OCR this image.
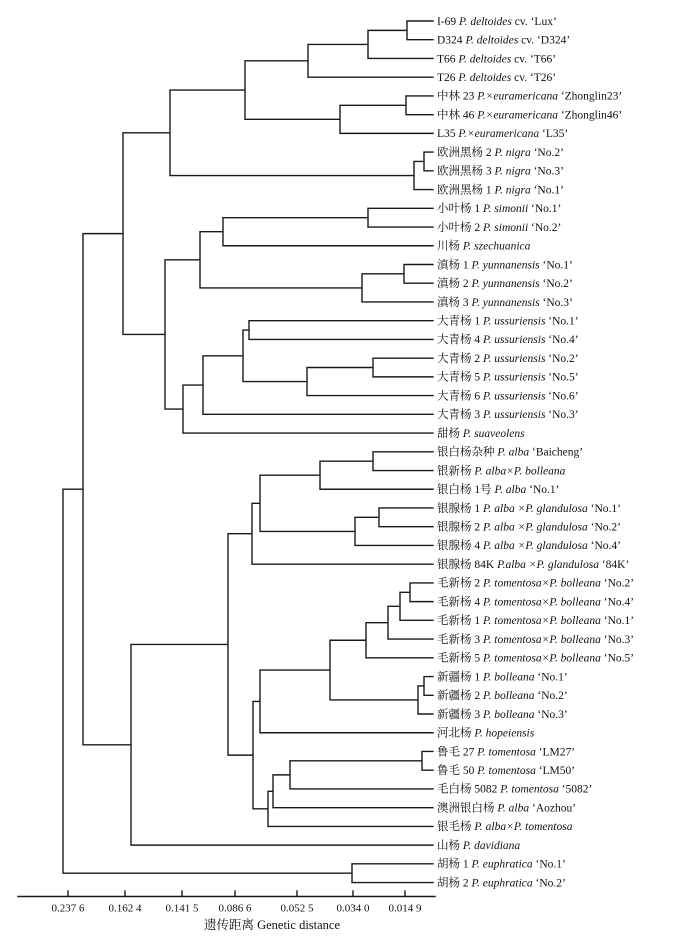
I-69 P. deltoides cv. ‘Lux’
D324 P. deltoides cv. ‘D324’
T66 P. deltoides cv. ‘T66’
T26 P. deltoides cv. ‘T26’
中林 23 P.×euramericana ‘Zhonglin23’
中林 46 P.×euramericana ‘Zhonglin46’
L35 P.×euramericana ‘L35’
欧洲黑杨 2 P. nigra ‘No.2’
欧洲黑杨 3 P. nigra ‘No.3’
欧洲黑杨 1 P. nigra ‘No.1’
小叶杨 1 P. simonii ‘No.1’
小叶杨 2 P. simonii ‘No.2’
川杨 P. szechuanica
滇杨 1 P. yunnanensis ‘No.1’
滇杨 2 P. yunnanensis ‘No.2’
滇杨 3 P. yunnanensis ‘No.3’
大青杨 1 P. ussuriensis ‘No.1’
大青杨 4 P. ussuriensis ‘No.4’
大青杨 2 P. ussuriensis ‘No.2’
大青杨 5 P. ussuriensis ‘No.5’
大青杨 6 P. ussuriensis ‘No.6’
大青杨 3 P. ussuriensis ‘No.3’
甜杨 P. suaveolens
银白杨杂种 P. alba ‘Baicheng’
银新杨 P. alba×P. bolleana
银白杨 1号 P. alba ‘No.1’
银腺杨 1 P. alba ×P. glandulosa ‘No.1’
银腺杨 2 P. alba ×P. glandulosa ‘No.2’
银腺杨 4 P. alba ×P. glandulosa ‘No.4’
银腺杨 84K P.alba ×P. glandulosa ‘84K’
毛新杨 2 P. tomentosa×P. bolleana ‘No.2’
毛新杨 4 P. tomentosa×P. bolleana ‘No.4’
毛新杨 1 P. tomentosa×P. bolleana ‘No.1’
毛新杨 3 P. tomentosa×P. bolleana ‘No.3’
毛新杨 5 P. tomentosa×P. bolleana ‘No.5’
新疆杨 1 P. bolleana ‘No.1’
新疆杨 2 P. bolleana ‘No.2’
新疆杨 3 P. bolleana ‘No.3’
河北杨 P. hopeiensis
鲁毛 27 P. tomentosa ‘LM27’
鲁毛 50 P. tomentosa ‘LM50’
毛白杨 5082 P. tomentosa ‘5082’
澳洲银白杨 P. alba ‘Aozhou’
银毛杨 P. alba×P. tomentosa
山杨 P. davidiana
胡杨 1 P. euphratica ‘No.1’
胡杨 2 P. euphratica ‘No.2’
0.237 6 0.162 4 0.141 5 0.086 6	0.052 5 0.034 0 0.014 9
遗传距离 Genetic distance
